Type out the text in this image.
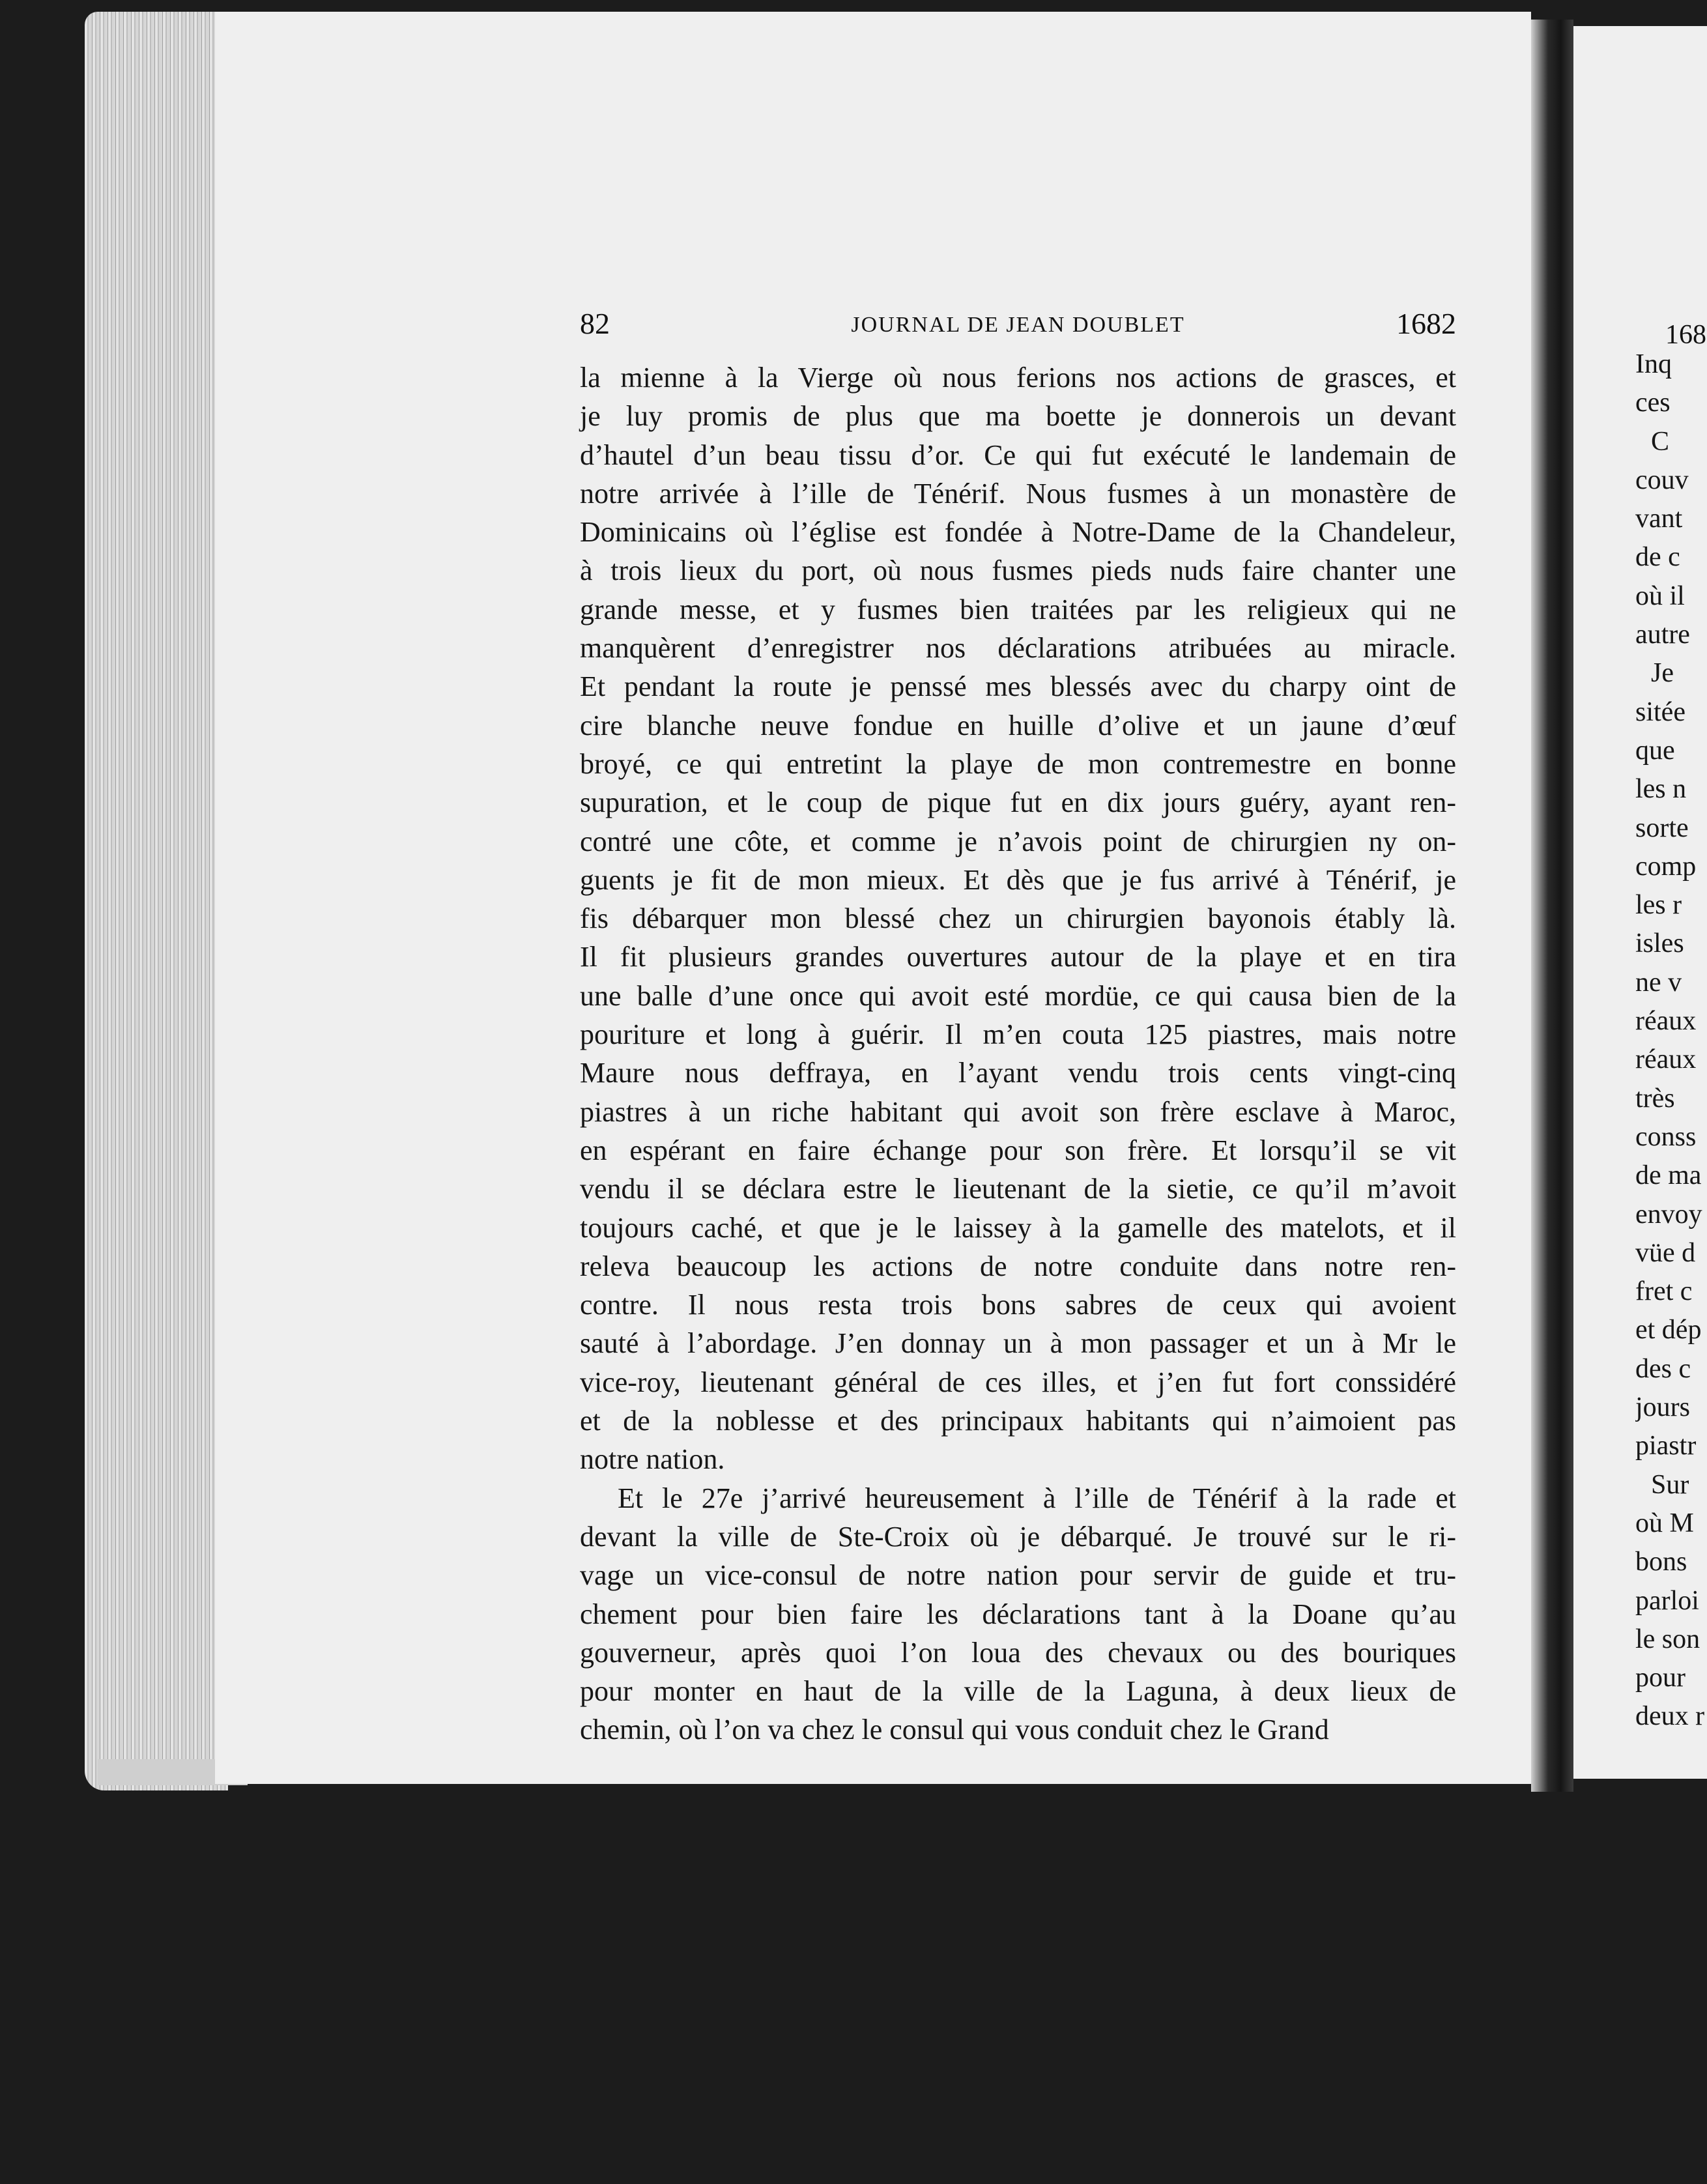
82	JOURNAL DE JEAN DOUBLET	1682
la mienne à la Vierge où nous ferions nos actions de grasces, et
je luy promis de plus que ma boette je donnerois un devant
d’hautel d’un beau tissu d’or. Ce qui fut exécuté le landemain de
notre arrivée à l’ille de Ténérif. Nous fusmes à un monastère de
Dominicains où l’église est fondée à Notre-Dame de la Chandeleur,
à trois lieux du port, où nous fusmes pieds nuds faire chanter une
grande messe, et y fusmes bien traitées par les religieux qui ne
manquèrent d’enregistrer nos déclarations atribuées au miracle.
Et pendant la route je penssé mes blessés avec du charpy oint de
cire blanche neuve fondue en huille d’olive et un jaune d’œuf
broyé, ce qui entretint la playe de mon contremestre en bonne
supuration, et le coup de pique fut en dix jours guéry, ayant ren-
contré une côte, et comme je n’avois point de chirurgien ny on-
guents je fit de mon mieux. Et dès que je fus arrivé à Ténérif, je
fis débarquer mon blessé chez un chirurgien bayonois étably là.
Il fit plusieurs grandes ouvertures autour de la playe et en tira
une balle d’une once qui avoit esté mordüe, ce qui causa bien de la
pouriture et long à guérir. Il m’en couta 125 piastres, mais notre
Maure nous deffraya, en l’ayant vendu trois cents vingt-cinq
piastres à un riche habitant qui avoit son frère esclave à Maroc,
en espérant en faire échange pour son frère. Et lorsqu’il se vit
vendu il se déclara estre le lieutenant de la sietie, ce qu’il m’avoit
toujours caché, et que je le laissey à la gamelle des matelots, et il
releva beaucoup les actions de notre conduite dans notre ren-
contre. Il nous resta trois bons sabres de ceux qui avoient
sauté à l’abordage. J’en donnay un à mon passager et un à Mr le
vice-roy, lieutenant général de ces illes, et j’en fut fort conssidéré
et de la noblesse et des principaux habitants qui n’aimoient pas
notre nation.
Et le 27e j’arrivé heureusement à l’ille de Ténérif à la rade et
devant la ville de Ste-Croix où je débarqué. Je trouvé sur le ri-
vage un vice-consul de notre nation pour servir de guide et tru-
chement pour bien faire les déclarations tant à la Doane qu’au
gouverneur, après quoi l’on loua des chevaux ou des bouriques
pour monter en haut de la ville de la Laguna, à deux lieux de
chemin, où l’on va chez le consul qui vous conduit chez le Grand
168
Inq
ces
C
couv
vant
de c
où il
autre
Je
sitée
que
les n
sorte
comp
les r
isles
ne v
réaux
réaux
très
conss
de ma
envoy
vüe d
fret c
et dép
des c
jours
piastr
Sur
où M
bons
parloi
le son
pour
deux r
